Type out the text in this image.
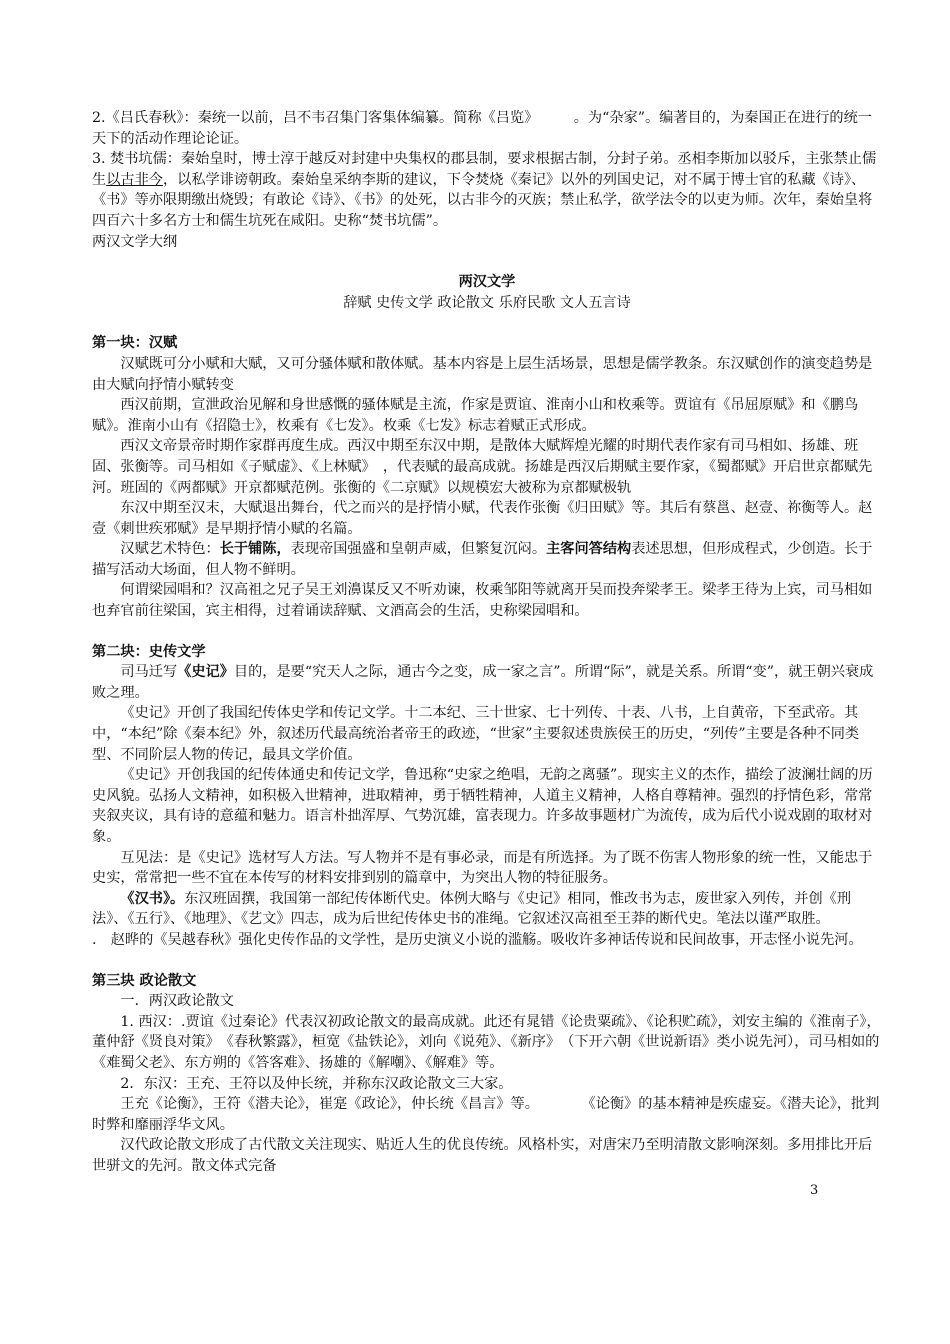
2.《吕氏春秋》：秦统一以前，吕不韦召集门客集体编纂。简称《吕览》　　　。为“杂家”。编著目的，为秦国正在进行的统一天下的活动作理论论证。

3. 焚书坑儒：秦始皇时，博士淳于越反对封建中央集权的郡县制，要求根据古制，分封子弟。丞相李斯加以驳斥，主张禁止儒生以古非今，以私学诽谤朝政。秦始皇采纳李斯的建议，下令焚烧《秦记》以外的列国史记，对不属于博士官的私藏《诗》、《书》等亦限期缴出烧毁；有敢论《诗》、《书》的处死，以古非今的灭族；禁止私学，欲学法令的以吏为师。次年，秦始皇将四百六十多名方士和儒生坑死在咸阳。史称“焚书坑儒”。

两汉文学大纲

两汉文学

辞赋 史传文学 政论散文 乐府民歌 文人五言诗

第一块：汉赋

汉赋既可分小赋和大赋，又可分骚体赋和散体赋。基本内容是上层生活场景，思想是儒学教条。东汉赋创作的演变趋势是由大赋向抒情小赋转变

西汉前期，宣泄政治见解和身世感慨的骚体赋是主流，作家是贾谊、淮南小山和枚乘等。贾谊有《吊屈原赋》和《鹏鸟赋》。淮南小山有《招隐士》，枚乘有《七发》。枚乘《七发》标志着赋正式形成。

西汉文帝景帝时期作家群再度生成。西汉中期至东汉中期，是散体大赋辉煌光耀的时期代表作家有司马相如、扬雄、班固、张衡等。司马相如《子赋虚》、《上林赋》　，代表赋的最高成就。扬雄是西汉后期赋主要作家，《蜀都赋》开启世京都赋先河。班固的《两都赋》开京都赋范例。张衡的《二京赋》以规模宏大被称为京都赋极轨

东汉中期至汉末，大赋退出舞台，代之而兴的是抒情小赋，代表作张衡《归田赋》等。其后有蔡邕、赵壹、祢衡等人。赵壹《刺世疾邪赋》是早期抒情小赋的名篇。

汉赋艺术特色：长于铺陈，表现帝国强盛和皇朝声威，但繁复沉闷。主客问答结构表述思想，但形成程式，少创造。长于描写活动大场面，但人物不鲜明。

何谓梁园唱和？汉高祖之兄子吴王刘濞谋反又不听劝谏，枚乘邹阳等就离开吴而投奔梁孝王。梁孝王待为上宾，司马相如也弃官前往梁国，宾主相得，过着诵读辞赋、文酒高会的生活，史称梁园唱和。

第二块：史传文学

司马迁写《史记》目的，是要“究天人之际，通古今之变，成一家之言”。所谓“际”，就是关系。所谓“变”，就王朝兴衰成败之理。

《史记》开创了我国纪传体史学和传记文学。十二本纪、三十世家、七十列传、十表、八书，上自黄帝，下至武帝。其中，“本纪”除《秦本纪》外，叙述历代最高统治者帝王的政迹，“世家”主要叙述贵族侯王的历史，“列传”主要是各种不同类型、不同阶层人物的传记，最具文学价值。

《史记》开创我国的纪传体通史和传记文学，鲁迅称“史家之绝唱，无韵之离骚”。现实主义的杰作，描绘了波澜壮阔的历史风貌。弘扬人文精神，如积极入世精神，进取精神，勇于牺牲精神，人道主义精神，人格自尊精神。强烈的抒情色彩，常常夹叙夹议，具有诗的意蕴和魅力。语言朴拙浑厚、气势沉雄，富表现力。许多故事题材广为流传，成为后代小说戏剧的取材对象。

互见法：是《史记》选材写人方法。写人物并不是有事必录，而是有所选择。为了既不伤害人物形象的统一性，又能忠于史实，常常把一些不宜在本传写的材料安排到别的篇章中，为突出人物的特征服务。

《汉书》。东汉班固撰，我国第一部纪传体断代史。体例大略与《史记》相同，惟改书为志，废世家入列传，并创《刑法》、《五行》、《地理》、《艺文》四志，成为后世纪传体史书的准绳。它叙述汉高祖至王莽的断代史。笔法以谨严取胜。

.　赵晔的《吴越春秋》强化史传作品的文学性，是历史演义小说的滥觞。吸收许多神话传说和民间故事，开志怪小说先河。

第三块 政论散文

一．两汉政论散文

1. 西汉：.贾谊《过秦论》代表汉初政论散文的最高成就。此还有晁错《论贵粟疏》、《论积贮疏》，刘安主编的《淮南子》，董仲舒《贤良对策》　《春秋繁露》，桓宽《盐铁论》，刘向《说苑》、《新序》　（下开六朝《世说新语》类小说先河），司马相如的《难蜀父老》、东方朔的《答客难》、扬雄的《解嘲》、《解难》等。

2．东汉：王充、王符以及仲长统，并称东汉政论散文三大家。

王充《论衡》，王符《潜夫论》，崔寔《政论》，仲长统《昌言》等。　　　　《论衡》的基本精神是疾虚妄。《潜夫论》，批判时弊和靡丽浮华文风。

汉代政论散文形成了古代散文关注现实、贴近人生的优良传统。风格朴实，对唐宋乃至明清散文影响深刻。多用排比开后世骈文的先河。散文体式完备

3
